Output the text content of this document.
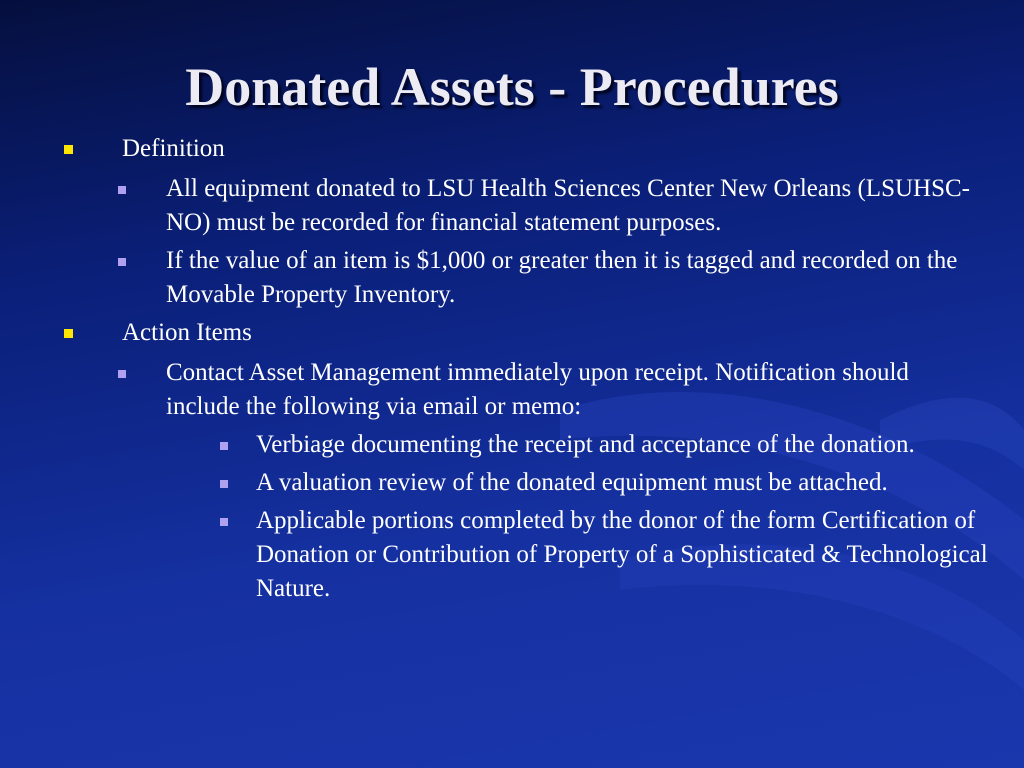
Donated Assets - Procedures
Definition
All equipment donated to LSU Health Sciences Center New Orleans (LSUHSC-NO) must be recorded for financial statement purposes.
If the value of an item is $1,000 or greater then it is tagged and recorded on the Movable Property Inventory.
Action Items
Contact Asset Management immediately upon receipt. Notification should include the following via email or memo:
Verbiage documenting the receipt and acceptance of the donation.
A valuation review of the donated equipment must be attached.
Applicable portions completed by the donor of the form Certification of Donation or Contribution of Property of a Sophisticated & Technological Nature.
